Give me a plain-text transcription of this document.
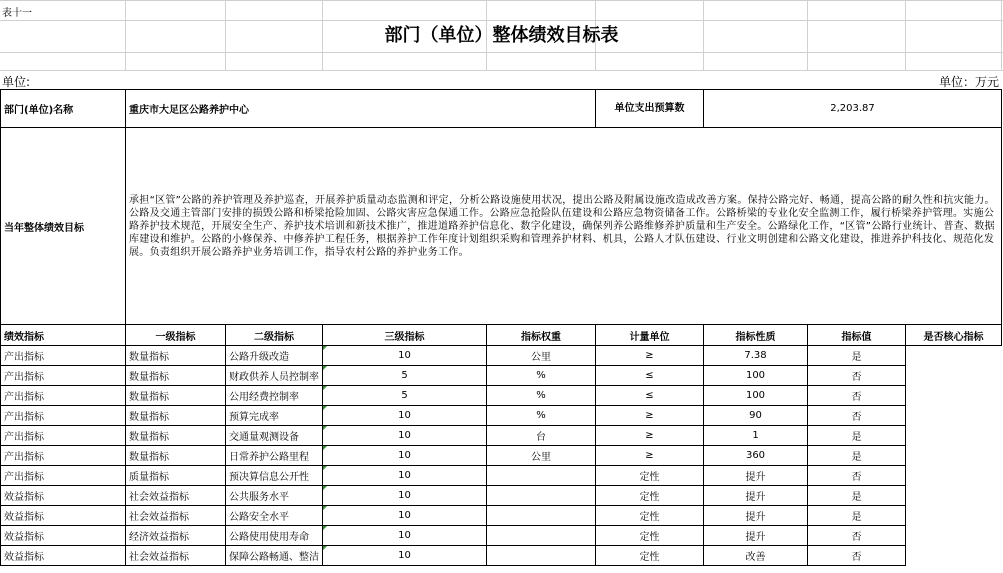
表十一
部门（单位）整体绩效目标表
单位:	单位：万元
部门(单位)名称	重庆市大足区公路养护中心				单位支出预算数	2,203.87		
当年整体绩效目标	承担“区管”公路的养护管理及养护巡查，开展养护质量动态监测和评定，分析公路设施使用状况，提出公路及附属设施改造成改善方案。保持公路完好、畅通，提高公路的耐久性和抗灾能力。公路及交通主管部门安排的损毁公路和桥梁抢险加固、公路灾害应急保通工作。公路应急抢险队伍建设和公路应急物资储备工作。公路桥梁的专业化安全监测工作，履行桥梁养护管理。实施公路养护技术规范，开展安全生产、养护技术培训和新技术推广，推进道路养护信息化、数字化建设，确保列养公路维修养护质量和生产安全。公路绿化工作，“区管”公路行业统计、普查、数据库建设和维护。公路的小修保养、中修养护工程任务，根据养护工作年度计划组织采购和管理养护材料、机具，公路人才队伍建设、行业文明创建和公路文化建设，推进养护科技化、规范化发展。负责组织开展公路养护业务培训工作，指导农村公路的养护业务工作。							
绩效指标	一级指标	二级指标	三级指标	指标权重	计量单位	指标性质	指标值	是否核心指标
产出指标	数量指标	公路升级改造	10	公里	≥	7.38	是	
产出指标	数量指标	财政供养人员控制率	5	%	≤	100	否	
产出指标	数量指标	公用经费控制率	5	%	≤	100	否	
产出指标	数量指标	预算完成率	10	%	≥	90	否	
产出指标	数量指标	交通量观测设备	10	台	≥	1	是	
产出指标	数量指标	日常养护公路里程	10	公里	≥	360	是	
产出指标	质量指标	预决算信息公开性	10		定性	提升	否	
效益指标	社会效益指标	公共服务水平	10		定性	提升	是	
效益指标	社会效益指标	公路安全水平	10		定性	提升	是	
效益指标	经济效益指标	公路使用使用寿命	10		定性	提升	否	
效益指标	社会效益指标	保障公路畅通、整洁	10		定性	改善	否	
